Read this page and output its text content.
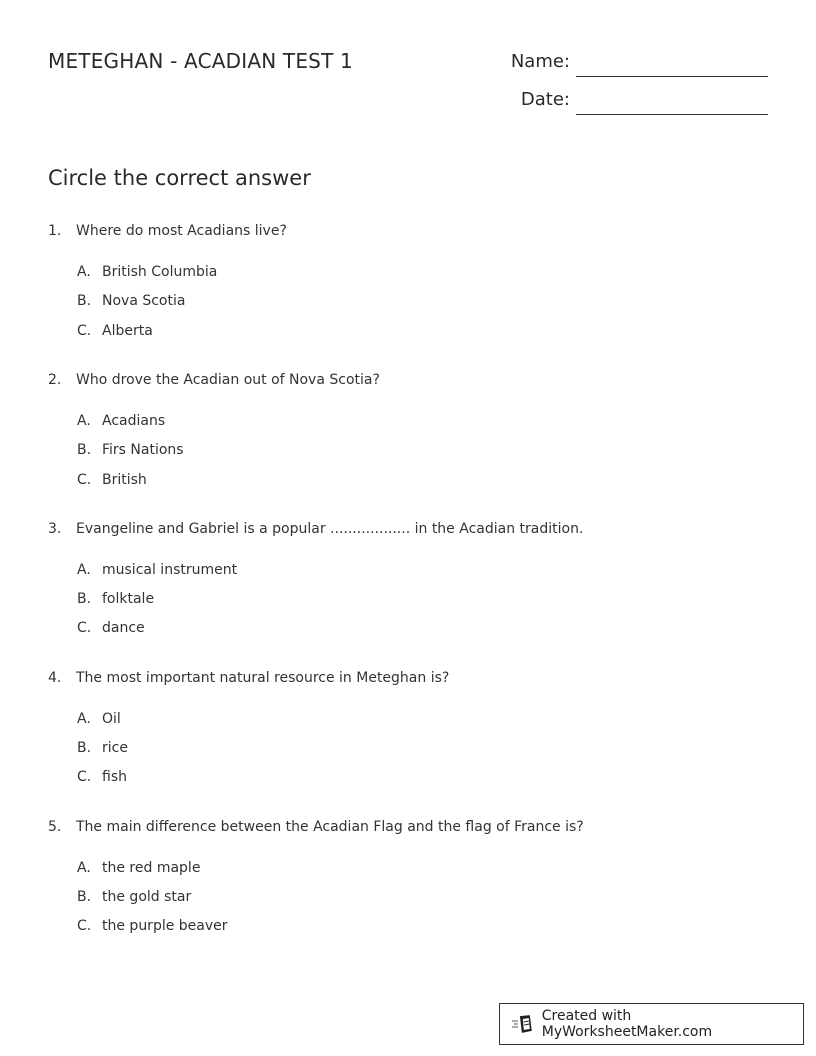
METEGHAN - ACADIAN TEST 1	Name:
Date:
Circle the correct answer
1.	Where do most Acadians live?
A. British Columbia
B. Nova Scotia
C. Alberta
2.	Who drove the Acadian out of Nova Scotia?
A. Acadians
B. Firs Nations
C. British
3.	Evangeline and Gabriel is a popular .................. in the Acadian tradition.
A. musical instrument
B. folktale
C. dance
4.	The most important natural resource in Meteghan is?
A. Oil
B. rice
C. fish
5.	The main difference between the Acadian Flag and the flag of France is?
A. the red maple
B. the gold star
C. the purple beaver
Created with MyWorksheetMaker.com
